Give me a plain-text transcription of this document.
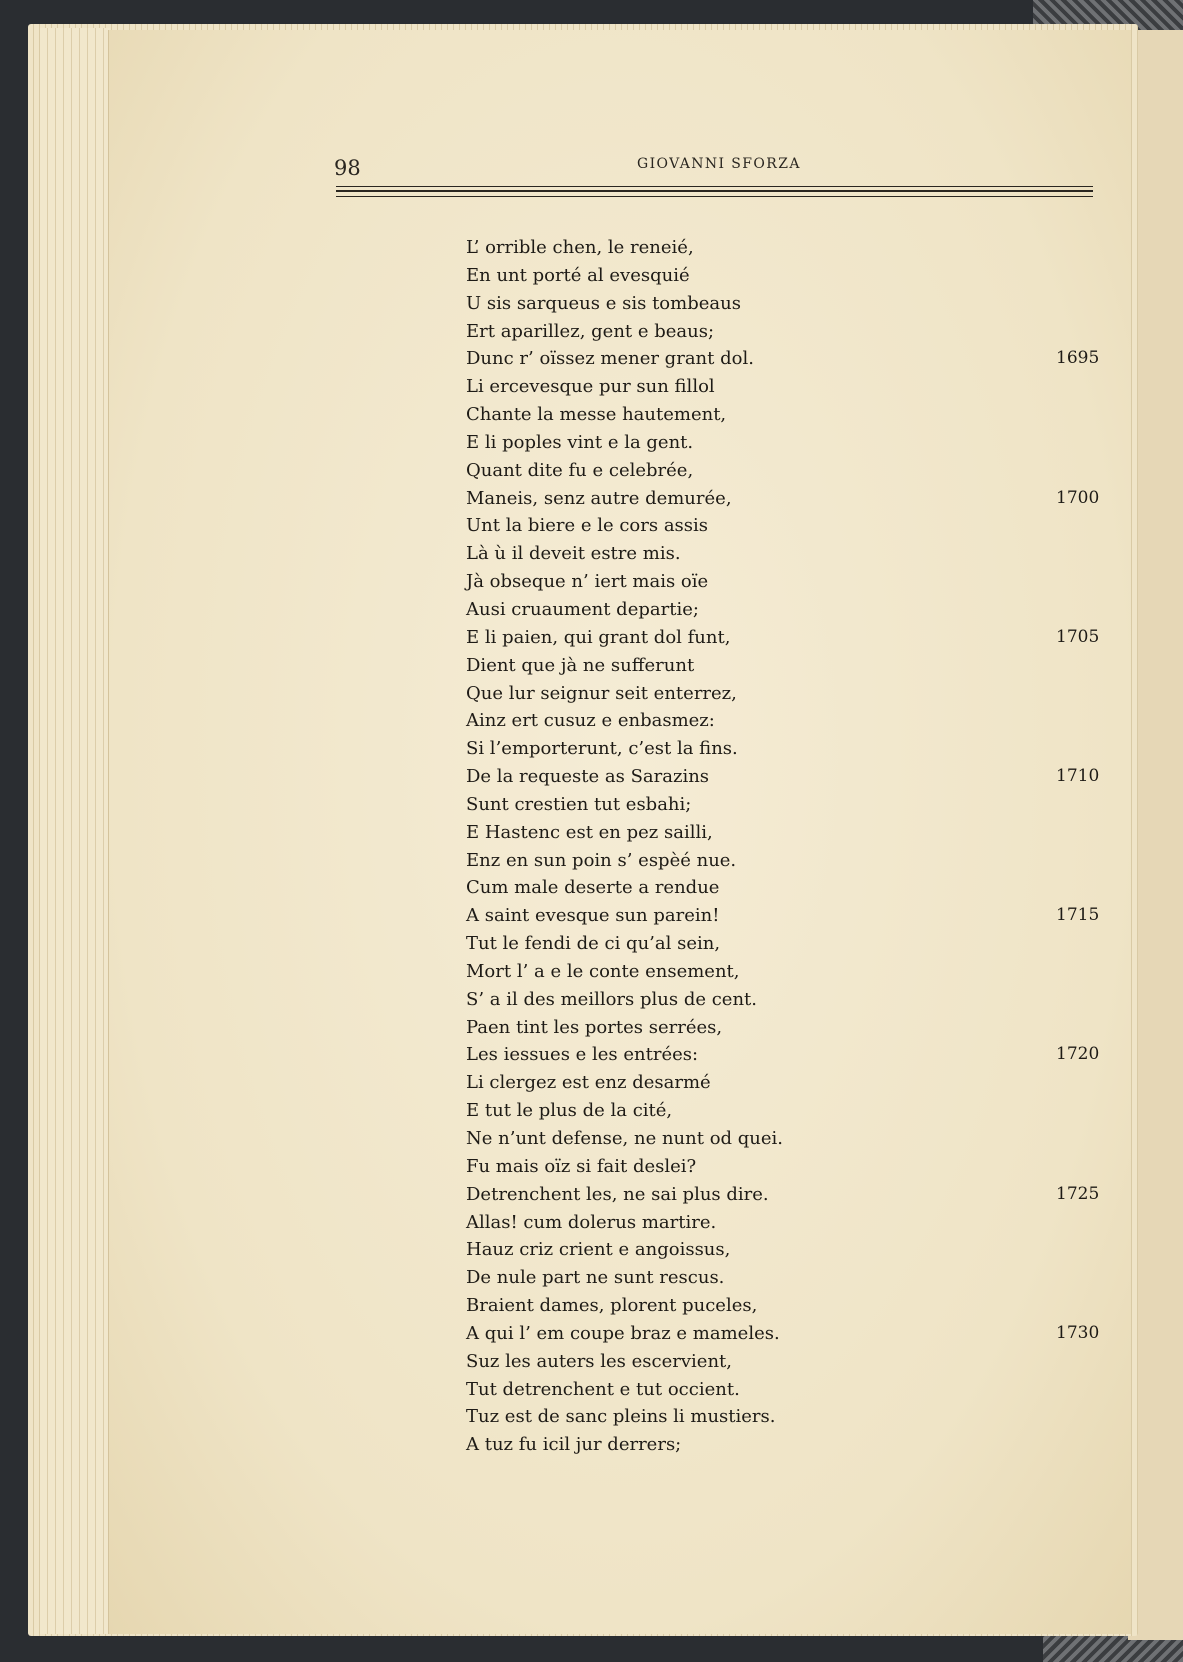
98	GIOVANNI SFORZA
L’ orrible chen, le reneié,
En unt porté al evesquié
U sis sarqueus e sis tombeaus
Ert aparillez, gent e beaus;
Dunc r’ oïssez mener grant dol.	1695
Li ercevesque pur sun fillol
Chante la messe hautement,
E li poples vint e la gent.
Quant dite fu e celebrée,
Maneis, senz autre demurée,	1700
Unt la biere e le cors assis
Là ù il deveit estre mis.
Jà obseque n’ iert mais oïe
Ausi cruaument departie;
E li paien, qui grant dol funt,	1705
Dient que jà ne sufferunt
Que lur seignur seit enterrez,
Ainz ert cusuz e enbasmez:
Si l’emporterunt, c’est la fins.
De la requeste as Sarazins	1710
Sunt crestien tut esbahi;
E Hastenc est en pez sailli,
Enz en sun poin s’ espèé nue.
Cum male deserte a rendue
A saint evesque sun parein!	1715
Tut le fendi de ci qu’al sein,
Mort l’ a e le conte ensement,
S’ a il des meillors plus de cent.
Paen tint les portes serrées,
Les iessues e les entrées:	1720
Li clergez est enz desarmé
E tut le plus de la cité,
Ne n’unt defense, ne nunt od quei.
Fu mais oïz si fait deslei?
Detrenchent les, ne sai plus dire.	1725
Allas! cum dolerus martire.
Hauz criz crient e angoissus,
De nule part ne sunt rescus.
Braient dames, plorent puceles,
A qui l’ em coupe braz e mameles.	1730
Suz les auters les escervient,
Tut detrenchent e tut occient.
Tuz est de sanc pleins li mustiers.
A tuz fu icil jur derrers;
